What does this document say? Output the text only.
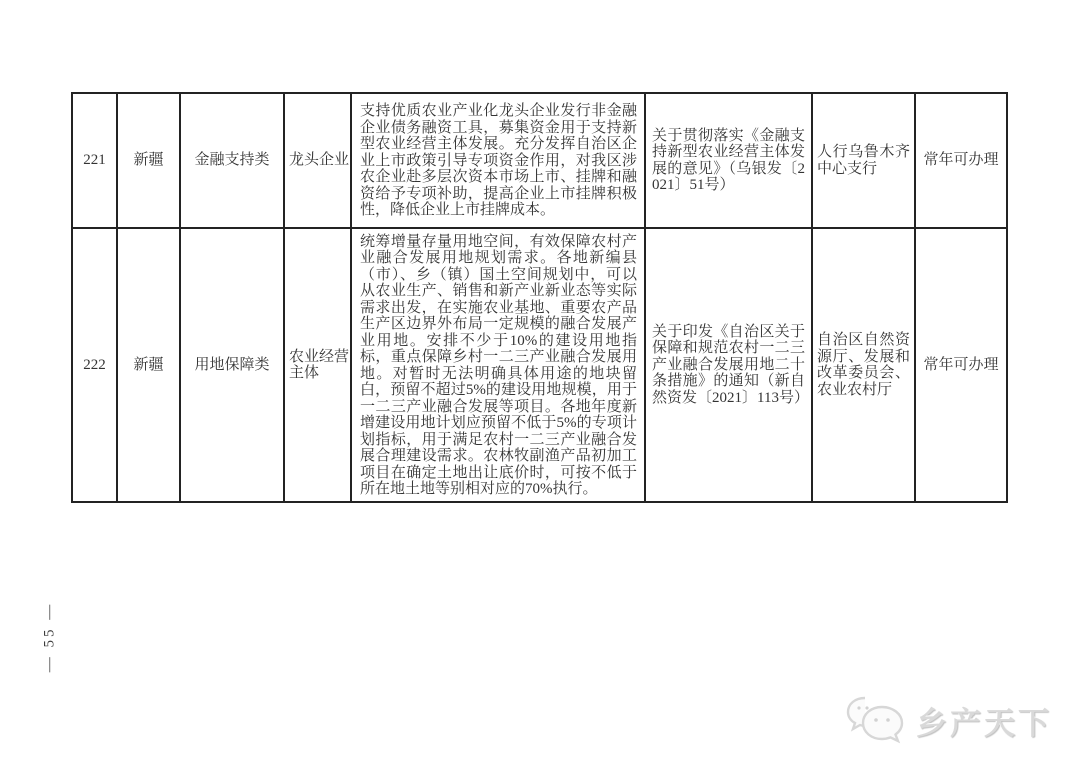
— 55 —
221	新疆	金融支持类	龙头企业	支持优质农业产业化龙头企业发行非金融企业债务融资工具，募集资金用于支持新型农业经营主体发展。充分发挥自治区企业上市政策引导专项资金作用，对我区涉农企业赴多层次资本市场上市、挂牌和融资给予专项补助，提高企业上市挂牌积极性，降低企业上市挂牌成本。	关于贯彻落实《金融支持新型农业经营主体发展的意见》（乌银发〔2021〕51号）	人行乌鲁木齐中心支行	常年可办理
222	新疆	用地保障类	农业经营主体	统筹增量存量用地空间，有效保障农村产业融合发展用地规划需求。各地新编县（市）、乡（镇）国土空间规划中，可以从农业生产、销售和新产业新业态等实际需求出发，在实施农业基地、重要农产品生产区边界外布局一定规模的融合发展产业用地。安排不少于10%的建设用地指标，重点保障乡村一二三产业融合发展用地。对暂时无法明确具体用途的地块留白，预留不超过5%的建设用地规模，用于一二三产业融合发展等项目。各地年度新增建设用地计划应预留不低于5%的专项计划指标，用于满足农村一二三产业融合发展合理建设需求。农林牧副渔产品初加工项目在确定土地出让底价时，可按不低于所在地土地等别相对应的70%执行。	关于印发《自治区关于保障和规范农村一二三产业融合发展用地二十条措施》的通知（新自然资发〔2021〕113号）	自治区自然资源厅、发展和改革委员会、农业农村厅	常年可办理
乡产天下
